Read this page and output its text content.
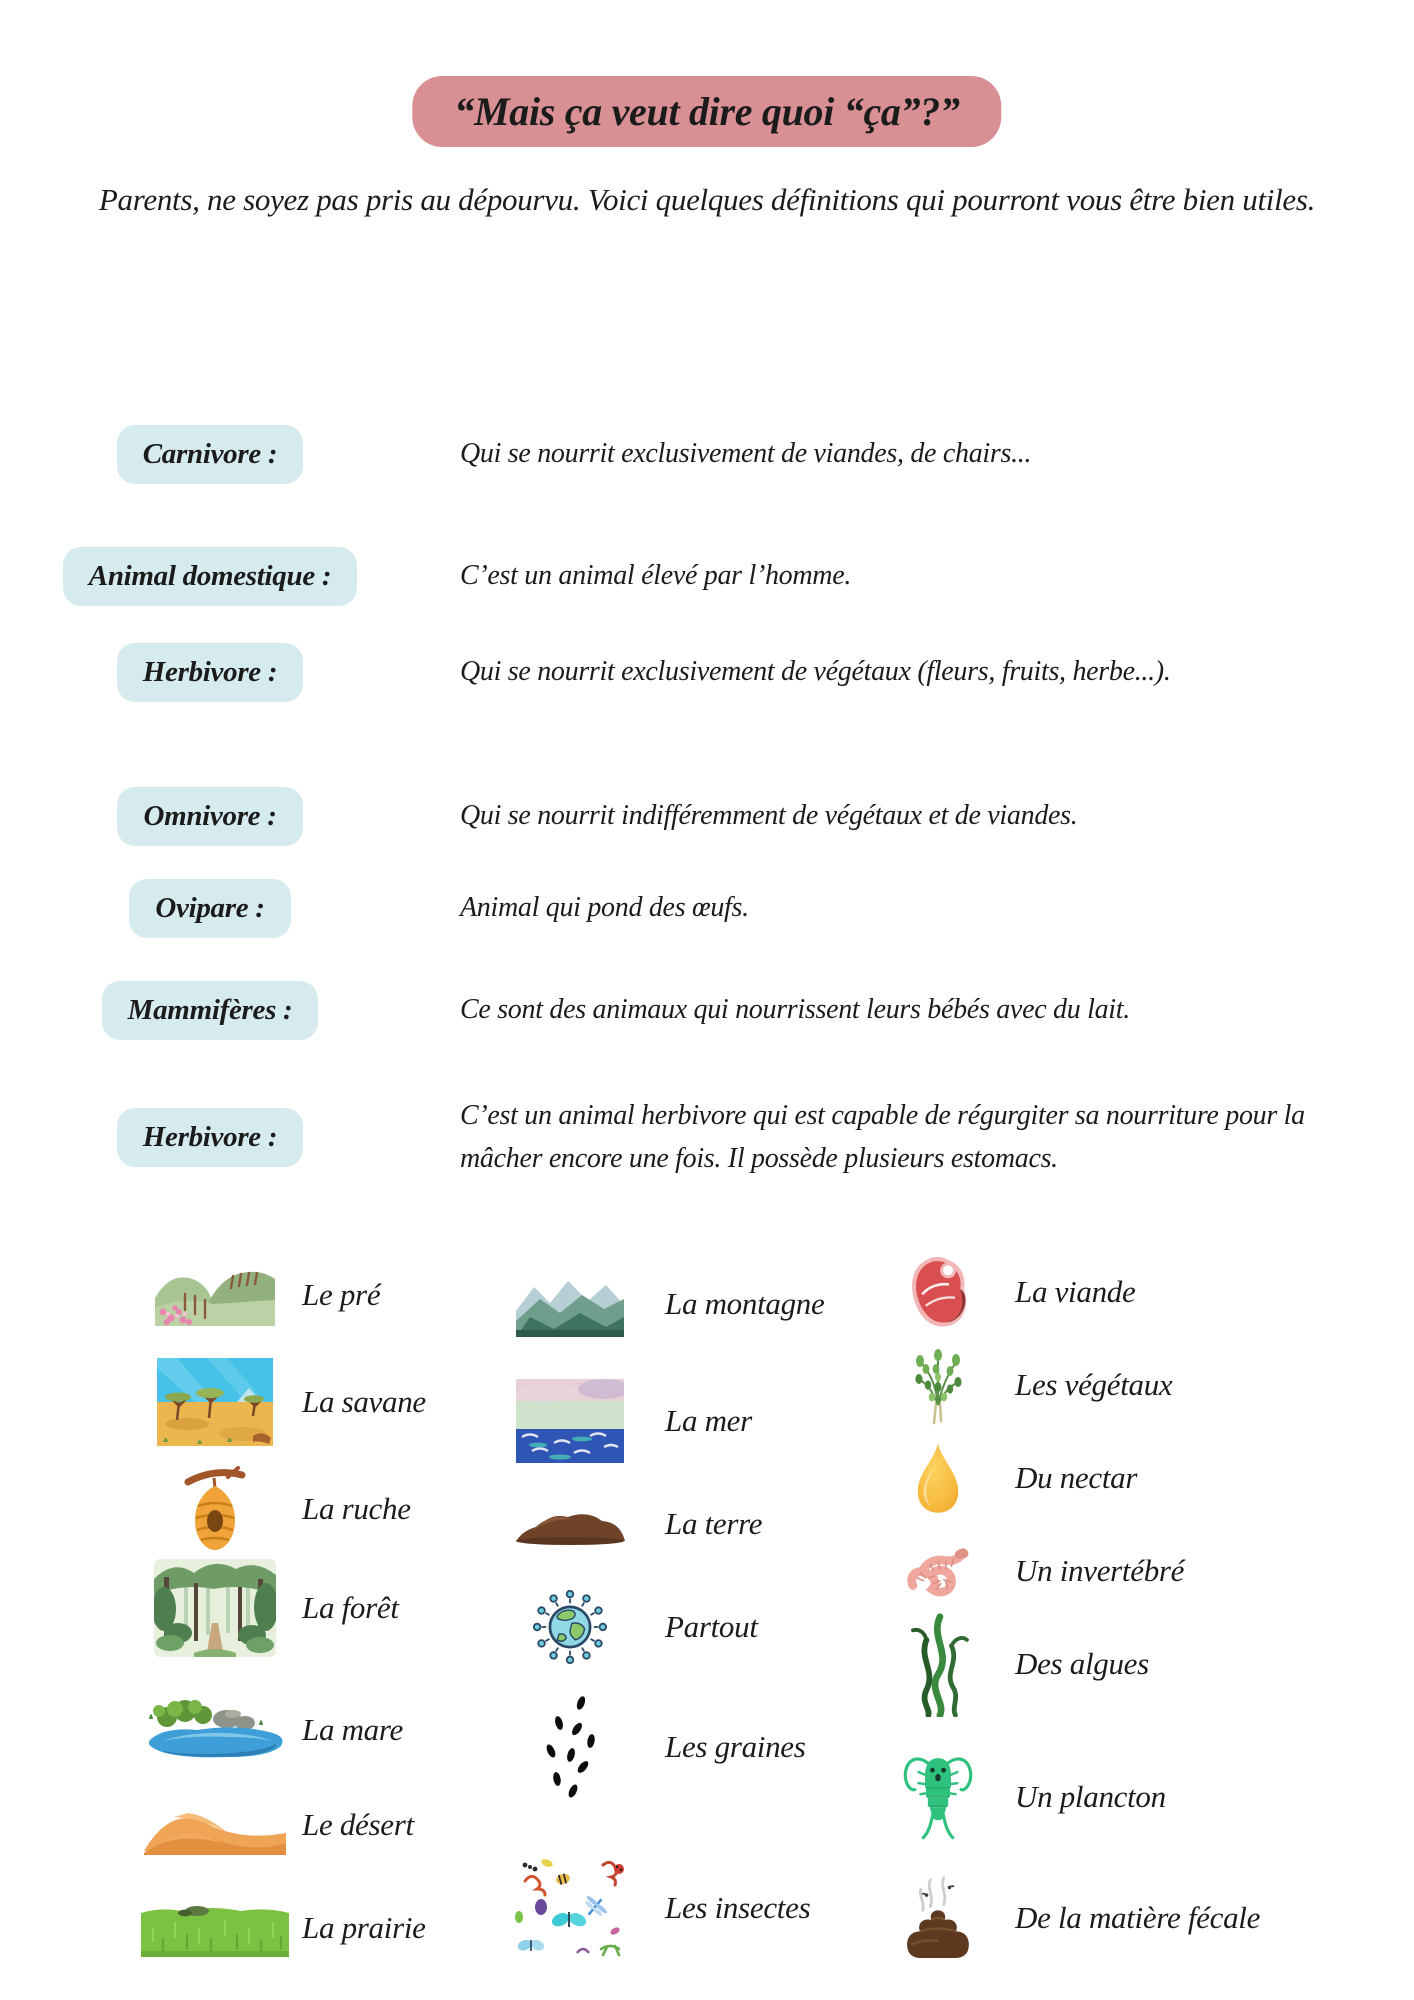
“Mais ça veut dire quoi “ça”?”

Parents, ne soyez pas pris au dépourvu. Voici quelques définitions qui pourront vous être bien utiles.

Carnivore :	Qui se nourrit exclusivement de viandes, de chairs...

Animal domestique :	C’est un animal élevé par l’homme.

Herbivore :	Qui se nourrit exclusivement de végétaux (fleurs, fruits, herbe...).

Omnivore :	Qui se nourrit indifféremment de végétaux et de viandes.

Ovipare :	Animal qui pond des œufs.

Mammifères :	Ce sont des animaux qui nourrissent leurs bébés avec du lait.

Herbivore :

C’est un animal herbivore qui est capable de régurgiter sa nourriture pour la mâcher encore une fois. Il possède plusieurs estomacs.

Le pré
La savane
La ruche
La forêt
La mare
Le désert
La prairie
La montagne
La mer
La terre
Partout
Les graines
Les insectes
La viande
Les végétaux
Du nectar
Un invertébré
Des algues
Un plancton
De la matière fécale
